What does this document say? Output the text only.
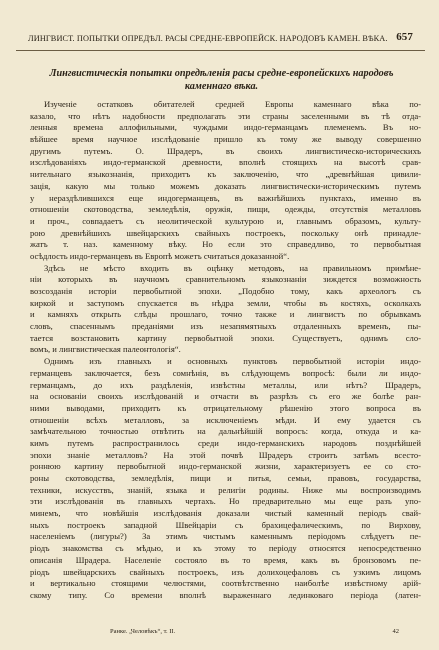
ЛИНГВИСТ. ПОПЫТКИ ОПРЕДѢЛ. РАСЫ СРЕДНЕ-ЕВРОПЕЙСК. НАРОДОВЪ КАМЕН. ВѢКА. 657
Лингвистическія попытки опредѣленія расы средне-европейскихъ народовъ
каменнаго вѣка.
Изученіе остатковъ обитателей средней Европы каменнаго вѣка по-
казало, что нѣтъ надобности предполагать эти страны заселенными въ тѣ отда-
ленныя времена аллофильными, чуждыми индо-германцамъ племенемъ. Въ но-
вѣйшее время научное изслѣдованіе пришло къ тому же выводу совершенно
другимъ путемъ. О. Шрадеръ, въ своихъ лингвистическо-историческихъ
изслѣдованіяхъ индо-германской древности, вполнѣ стоящихъ на высотѣ срав-
нительнаго языкознанія, приходитъ къ заключенію, что „древнѣйшая цивили-
зація, какую мы только можемъ доказать лингвистически-историческимъ путемъ
у нераздѣлившихся еще индогерманцевъ, въ важнѣйшихъ пунктахъ, именно въ
отношеніи скотоводства, земледѣлія, оружія, пищи, одежды, отсутствія металловъ
и проч., совпадаетъ съ неолитической культурою и, главнымъ образомъ, культу-
рою древнѣйшихъ швейцарскихъ свайныхъ построекъ, поскольку онѣ принадле-
жатъ т. наз. каменному вѣку. Но если это справедливо, то первобытная
осѣдлость индо-германцевъ въ Европѣ можетъ считаться доказанной“.
Здѣсь не мѣсто входить въ оцѣнку методовъ, на правильномъ примѣне-
ніи которыхъ въ научномъ сравнительномъ языкознаніи зиждется возможность
возсозданія исторіи первобытной эпохи. „Подобно тому, какъ археологъ съ
киркой и заступомъ спускается въ нѣдра земли, чтобы въ костяхъ, осколкахъ
и камняхъ открыть слѣды прошлаго, точно также и лингвистъ по обрывкамъ
словъ, спасеннымъ преданіями изъ незапямятныхъ отдаленныхъ временъ, пы-
тается возстановить картину первобытной эпохи. Существуетъ, однимъ сло-
вомъ, и лингвистическая палеонтологія“.
Однимъ изъ главныхъ и основныхъ пунктовъ первобытной исторіи индо-
германцевъ заключается, безъ сомнѣнія, въ слѣдующемъ вопросѣ: были ли индо-
германцамъ, до ихъ раздѣленія, извѣстны металлы, или нѣтъ? Шрадеръ,
на основаніи своихъ изслѣдованій и отчасти въ разрѣзъ съ его же болѣе ран-
ними выводами, приходитъ къ отрицательному рѣшенію этого вопроса въ
отношеніи всѣхъ металловъ, за исключеніемъ мѣди. И ему удается съ
замѣчательною точностью отвѣтить на дальнѣйшій вопросъ: когда, откуда и ка-
кимъ путемъ распространилось среди индо-германскихъ народовъ позднѣйшей
эпохи знаніе металловъ? На этой почвѣ Шрадеръ строитъ затѣмъ всесто-
роннюю картину первобытной индо-германской жизни, характеризуетъ ее со сто-
роны скотоводства, земледѣлія, пищи и питья, семьи, правовъ, государства,
техники, искусствъ, знаній, языка и религіи родины. Ниже мы воспроизводимъ
эти изслѣдованія въ главныхъ чертахъ. Но предварительно мы еще разъ упо-
минемъ, что новѣйшія изслѣдованія доказали чистый каменный періодъ свай-
ныхъ построекъ западной Швейцаріи съ брахицефалическимъ, по Вирхову,
населеніемъ (лигуры?) За этимъ чистымъ каменнымъ періодомъ слѣдуетъ пе-
ріодъ знакомства съ мѣдью, и къ этому то періоду относятся непосредственно
описанія Шрадера. Населеніе состояло въ то время, какъ въ бронзовомъ пе-
ріодъ швейцарскихъ свайныхъ построекъ, изъ долихоцефаловъ съ узкимъ лицомъ
и вертикально стоящими челюстями, соотвѣтственно наиболѣе извѣстному арій-
скому типу. Со времени вполнѣ выраженнаго лединковаго періода (латен-
Ранке. „Человѣкъ“, т. II.	42
